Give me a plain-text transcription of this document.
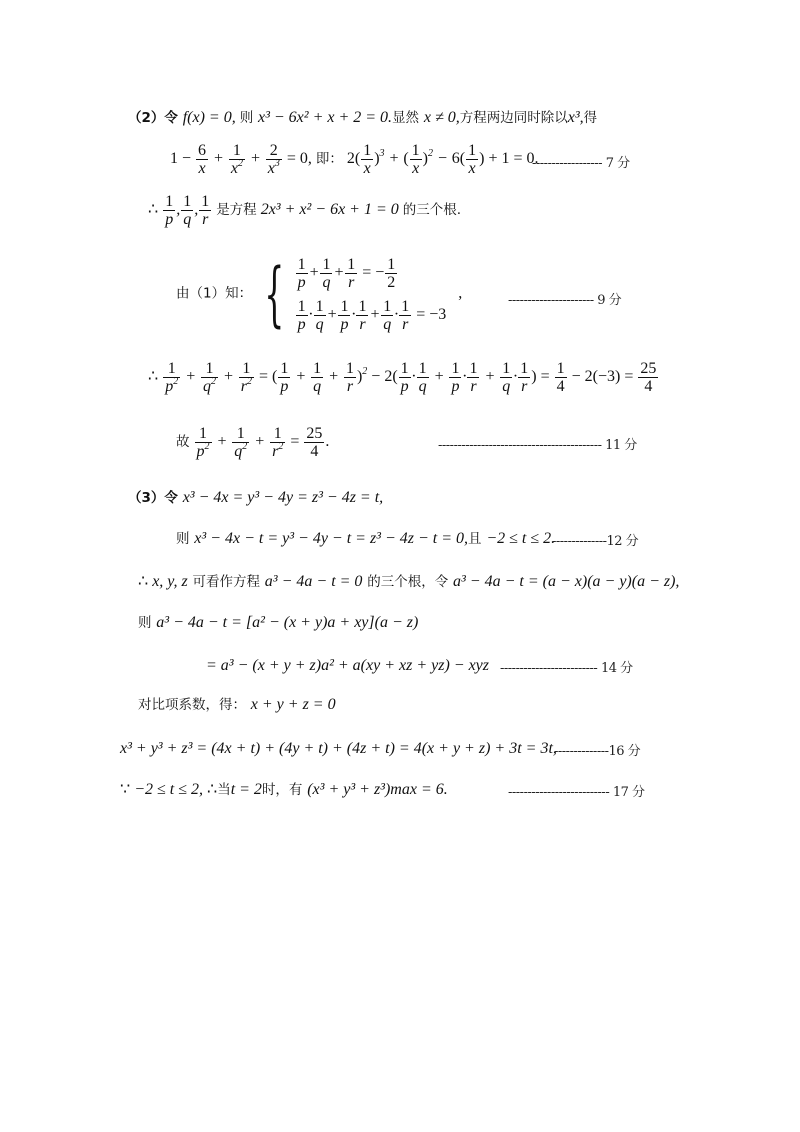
（2）令 f(x) = 0, 则 x³ − 6x² + x + 2 = 0.显然 x ≠ 0,方程两边同时除以x³,得
$1 - \frac{6}{x} + \frac{1}{x^2} + \frac{2}{x^3} = 0$, 即： $2( \frac{1}{x} )^3$ + ( $\frac{1}{x} )^2 - 6( \frac{1}{x}$ ) + 1 = 0.
------------------ 7 分
∴ $\frac{1}{p}$ , $\frac{1}{q}$ , $\frac{1}{r}$ 是方程 2x³ + x² − 6x + 1 = 0 的三个根.
由（1）知： { $\frac{1}{p} + \frac{1}{q} + \frac{1}{r}$ = − $\frac{1}{2}$
$\frac{1}{p} \cdot \frac{1}{q} + \frac{1}{p} \cdot \frac{1}{r} + \frac{1}{q} \cdot \frac{1}{r} = -3$
,	---------------------- 9 分
∴ $\frac{1}{p^2} + \frac{1}{q^2} + \frac{1}{r^2}$ = ( $\frac{1}{p} + \frac{1}{q} + \frac{1}{r} )^2 - 2( \frac{1}{p} \cdot \frac{1}{q} + \frac{1}{p} \cdot \frac{1}{r} + \frac{1}{q} \cdot \frac{1}{r}$ ) = $\frac{1}{4} - 2(-3) = \frac{25}{4}$
故 $\frac{1}{p^2} + \frac{1}{q^2} + \frac{1}{r^2} = \frac{25}{4}$ .	------------------------------------------ 11 分
（3）令 x³ − 4x = y³ − 4y = z³ − 4z = t,
则 x³ − 4x − t = y³ − 4y − t = z³ − 4z − t = 0,且 −2 ≤ t ≤ 2.
--------------12 分
∴ x, y, z 可看作方程 a³ − 4a − t = 0 的三个根，令 a³ − 4a − t = (a − x)(a − y)(a − z),
则 a³ − 4a − t = [a² − (x + y)a + xy](a − z)
= a³ − (x + y + z)a² + a(xy + xz + yz) − xyz ------------------------- 14 分
对比项系数，得： x + y + z = 0
x³ + y³ + z³ = (4x + t) + (4y + t) + (4z + t) = 4(x + y + z) + 3t = 3t,
--------------16 分
∵ −2 ≤ t ≤ 2, ∴当t = 2时，有 (x³ + y³ + z³)max = 6.	-------------------------- 17 分
